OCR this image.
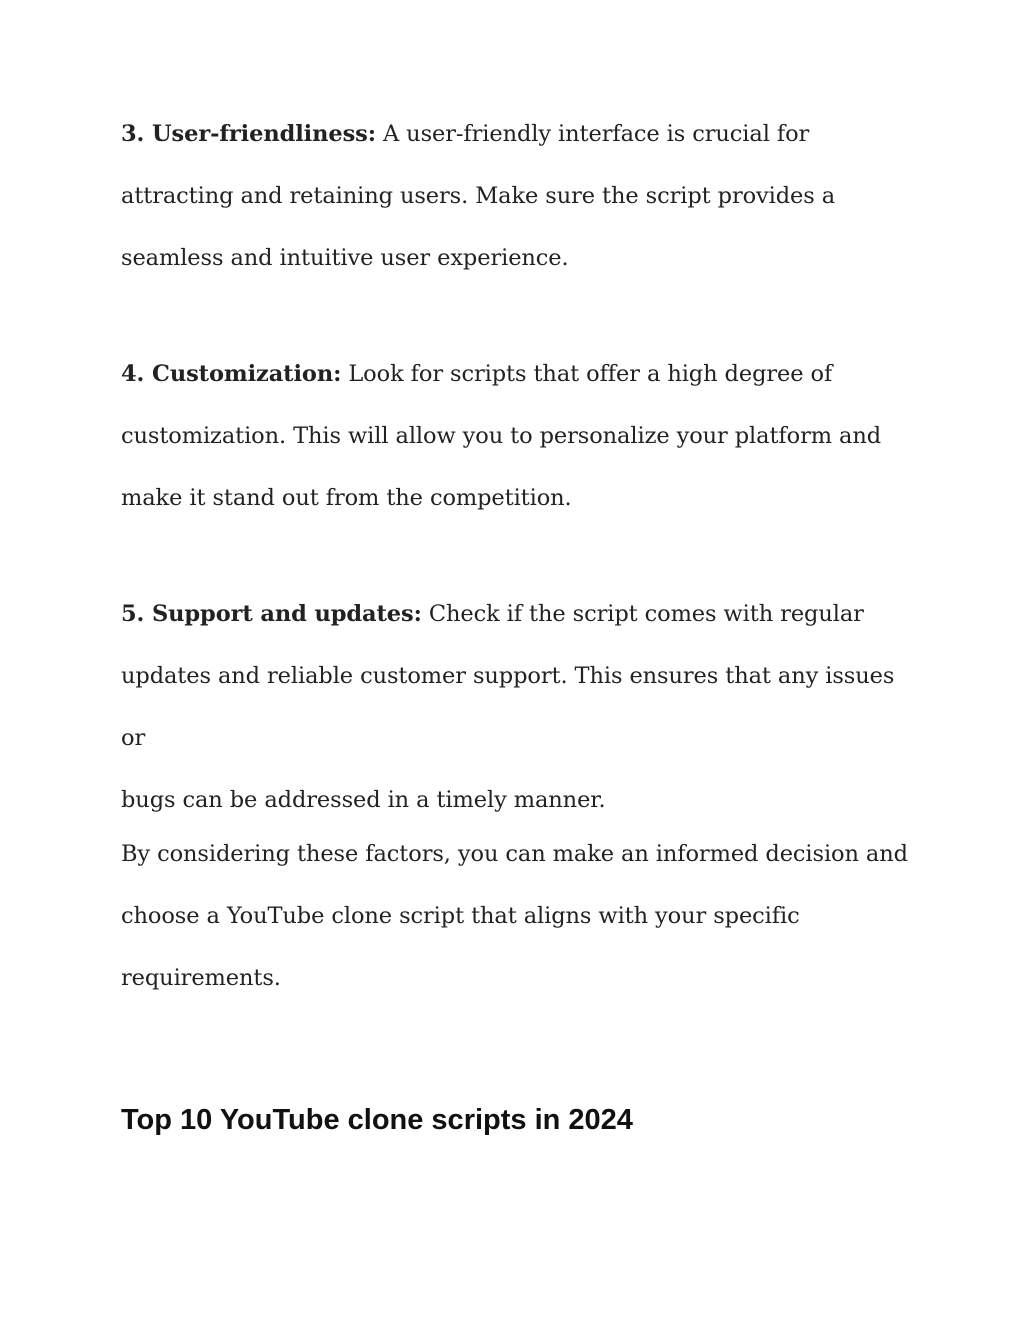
3. User-friendliness: A user-friendly interface is crucial for
attracting and retaining users. Make sure the script provides a
seamless and intuitive user experience.

4. Customization: Look for scripts that offer a high degree of
customization. This will allow you to personalize your platform and
make it stand out from the competition.

5. Support and updates: Check if the script comes with regular
updates and reliable customer support. This ensures that any issues or
bugs can be addressed in a timely manner.

By considering these factors, you can make an informed decision and
choose a YouTube clone script that aligns with your specific
requirements.

Top 10 YouTube clone scripts in 2024
